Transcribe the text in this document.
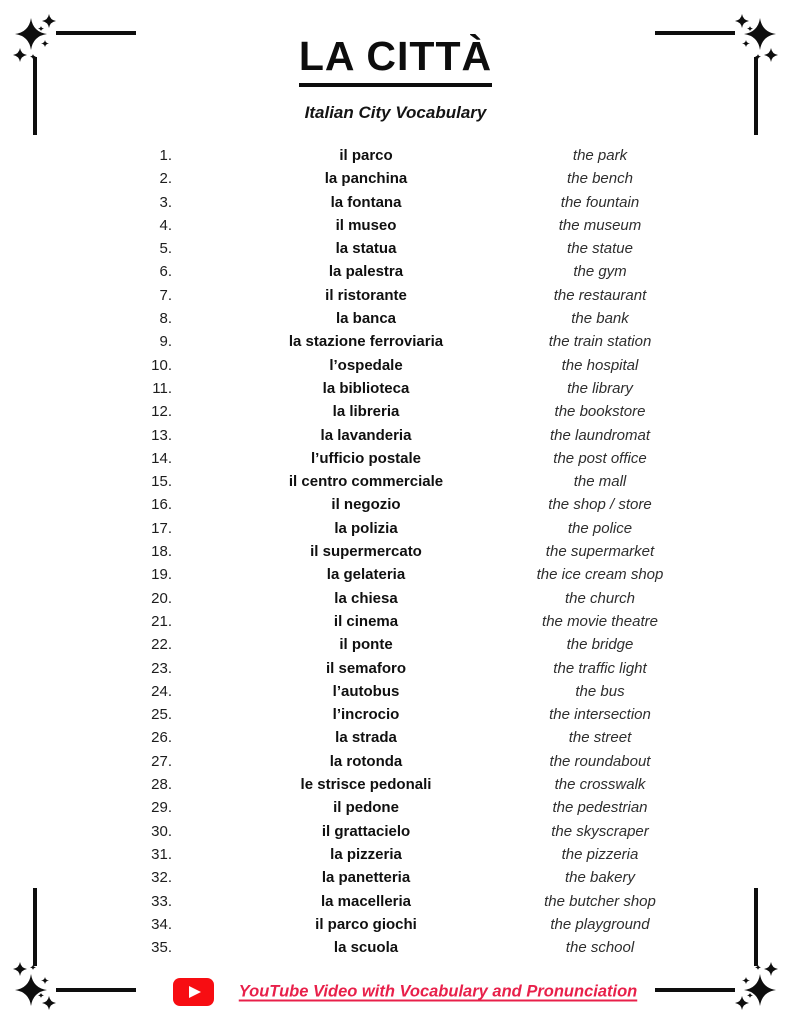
LA CITTÀ
Italian City Vocabulary
1.	il parco	the park
2.	la panchina	the bench
3.	la fontana	the fountain
4.	il museo	the museum
5.	la statua	the statue
6.	la palestra	the gym
7.	il ristorante	the restaurant
8.	la banca	the bank
9.	la stazione ferroviaria	the train station
10.	l’ospedale	the hospital
11.	la biblioteca	the library
12.	la libreria	the bookstore
13.	la lavanderia	the laundromat
14.	l’ufficio postale	the post office
15.	il centro commerciale	the mall
16.	il negozio	the shop / store
17.	la polizia	the police
18.	il supermercato	the supermarket
19.	la gelateria	the ice cream shop
20.	la chiesa	the church
21.	il cinema	the movie theatre
22.	il ponte	the bridge
23.	il semaforo	the traffic light
24.	l’autobus	the bus
25.	l’incrocio	the intersection
26.	la strada	the street
27.	la rotonda	the roundabout
28.	le strisce pedonali	the crosswalk
29.	il pedone	the pedestrian
30.	il grattacielo	the skyscraper
31.	la pizzeria	the pizzeria
32.	la panetteria	the bakery
33.	la macelleria	the butcher shop
34.	il parco giochi	the playground
35.	la scuola	the school
YouTube Video with Vocabulary and Pronunciation
